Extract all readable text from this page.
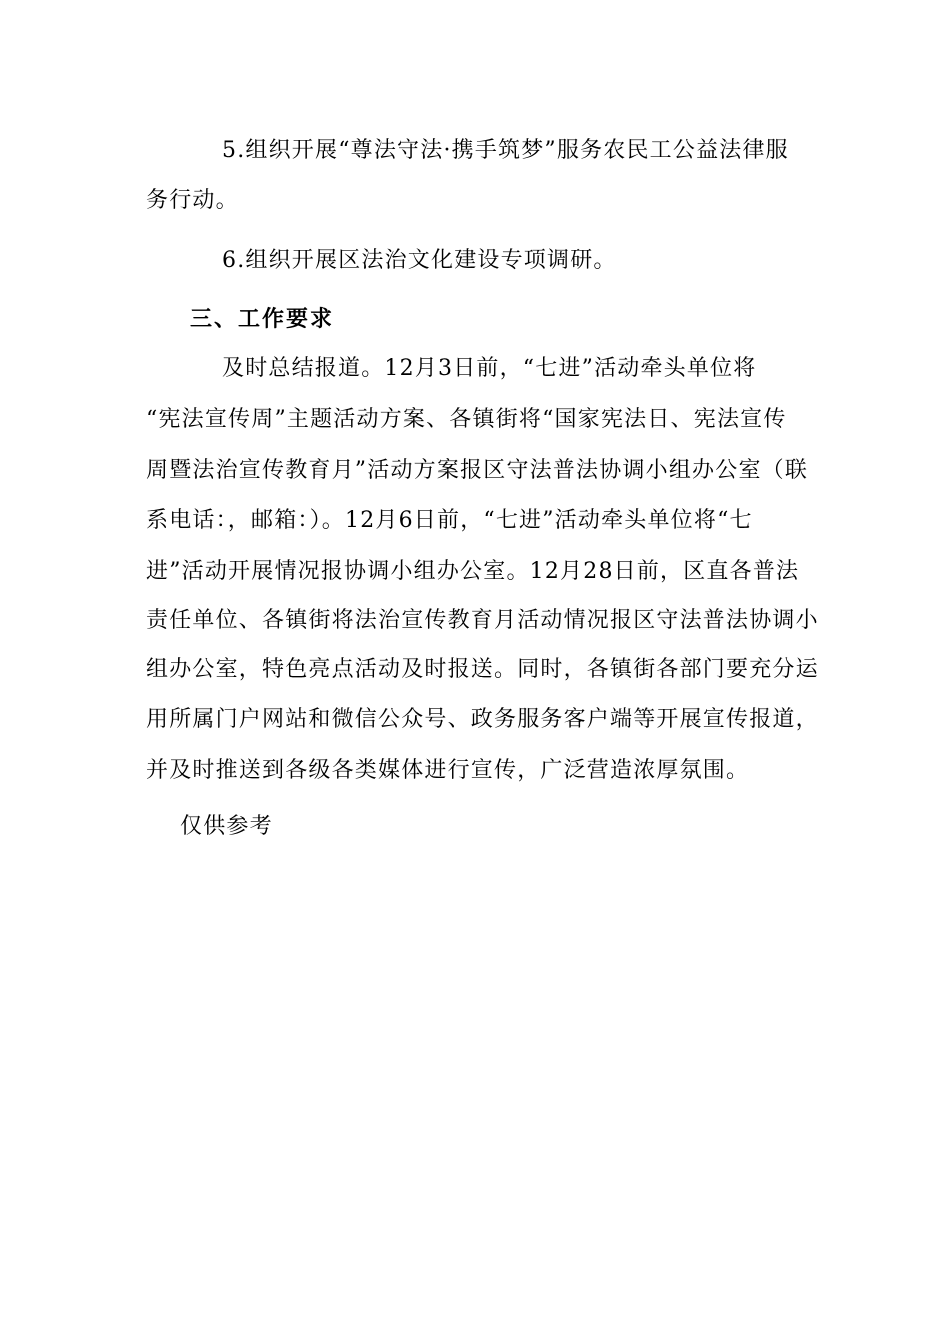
5.组织开展“尊法守法·携手筑梦”服务农民工公益法律服
务行动。
6.组织开展区法治文化建设专项调研。
三、工作要求
及时总结报道。12月3日前，“七进”活动牵头单位将
“宪法宣传周”主题活动方案、各镇街将“国家宪法日、宪法宣传
周暨法治宣传教育月”活动方案报区守法普法协调小组办公室（联
系电话：，邮箱：）。12月6日前，“七进”活动牵头单位将“七
进”活动开展情况报协调小组办公室。12月28日前，区直各普法
责任单位、各镇街将法治宣传教育月活动情况报区守法普法协调小
组办公室，特色亮点活动及时报送。同时，各镇街各部门要充分运
用所属门户网站和微信公众号、政务服务客户端等开展宣传报道，
并及时推送到各级各类媒体进行宣传，广泛营造浓厚氛围。
仅供参考
